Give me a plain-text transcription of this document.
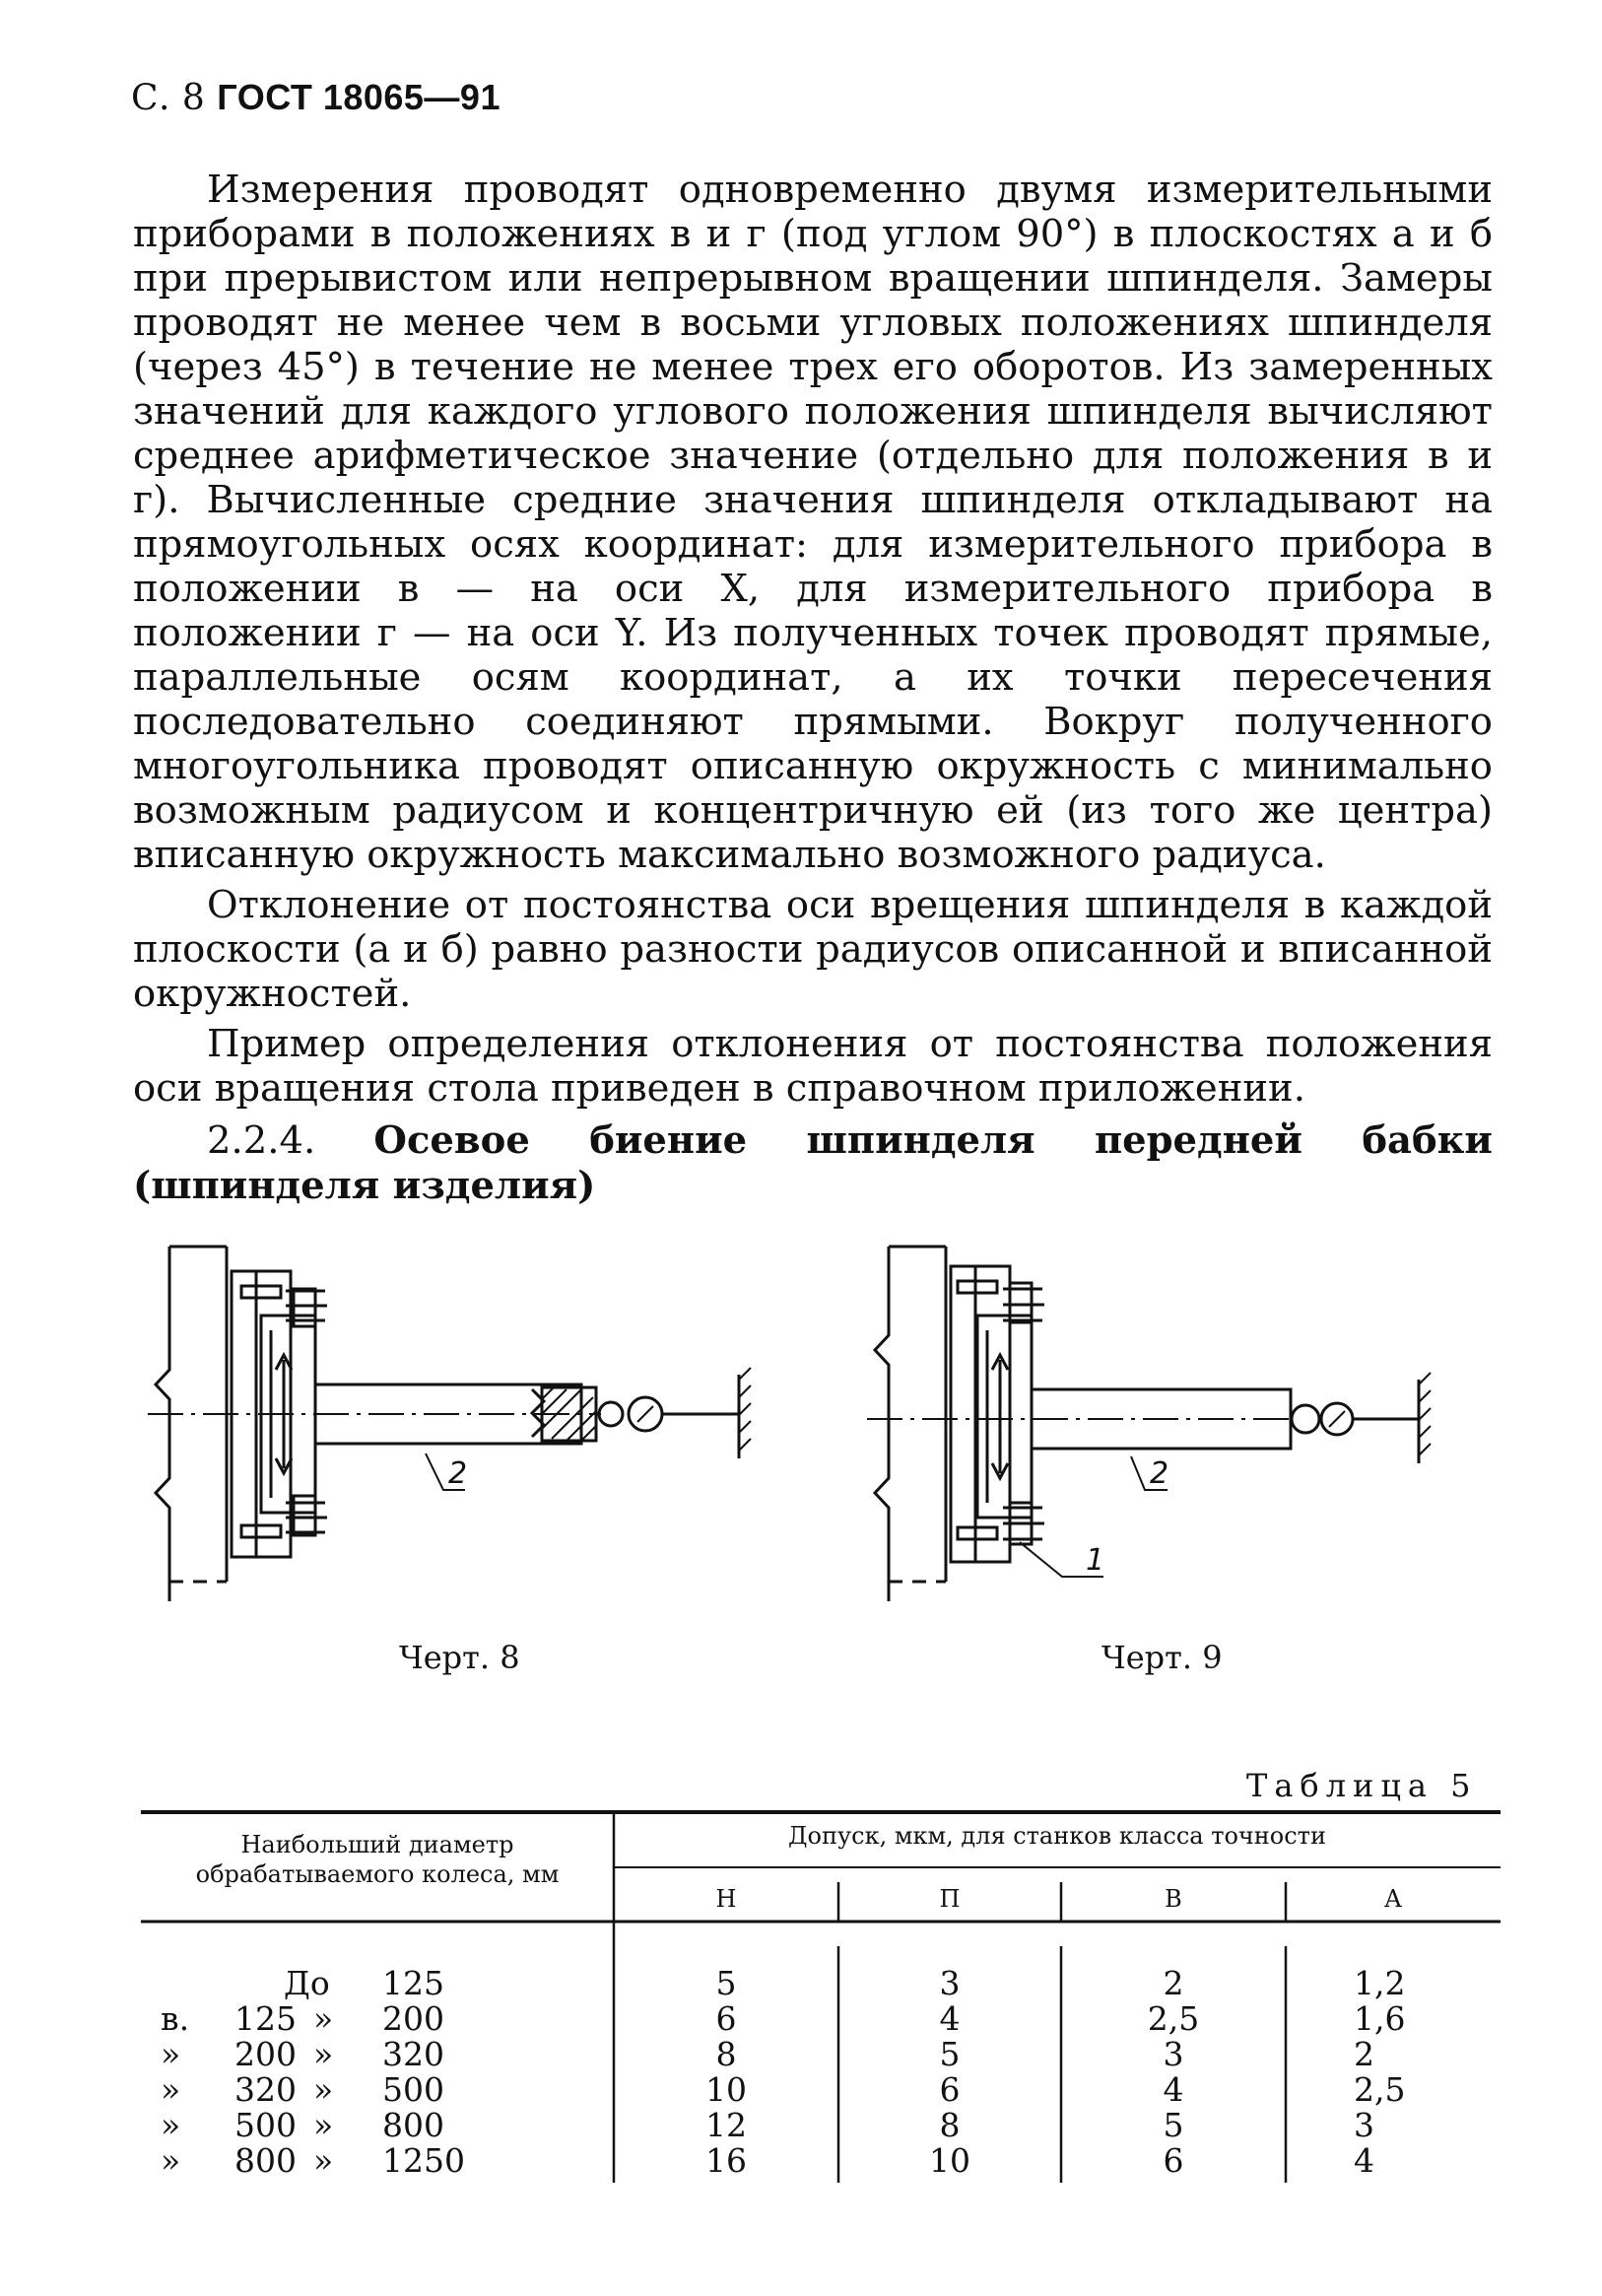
С. 8 ГОСТ 18065—91

Измерения проводят одновременно двумя измерительными приборами в положениях в и г (под углом 90°) в плоскостях а и б при прерывистом или непрерывном вращении шпинделя. Замеры проводят не менее чем в восьми угловых положениях шпинделя (через 45°) в течение не менее трех его оборотов. Из замеренных значений для каждого углового положения шпинделя вычисляют среднее арифметическое значение (отдельно для положения в и г). Вычисленные средние значения шпинделя откладывают на прямоугольных осях координат: для измерительного прибора в положении в — на оси X, для измерительного прибора в положении г — на оси Y. Из полученных точек проводят прямые, параллельные осям координат, а их точки пересечения последовательно соединяют прямыми. Вокруг полученного многоугольника проводят описанную окружность с минимально возможным радиусом и концентричную ей (из того же центра) вписанную окружность максимально возможного радиуса.

Отклонение от постоянства оси врещения шпинделя в каждой плоскости (а и б) равно разности радиусов описанной и вписанной окружностей.

Пример определения отклонения от постоянства положения оси вращения стола приведен в справочном приложении.

2.2.4. Осевое биение шпинделя передней бабки (шпинделя изделия)
2
Черт. 8
2
1
Черт. 9
Таблица 5
Наибольший диаметр обрабатываемого колеса, мм
Допуск, мкм, для станков класса точности
Н	П	В	А
До 125	5	3	2	1,2
в. 125 » 200	6	4	2,5	1,6
» 200 » 320	8	5	3	2
» 320 » 500	10	6	4	2,5
» 500 » 800	12	8	5	3
» 800 » 1250	16	10	6	4
